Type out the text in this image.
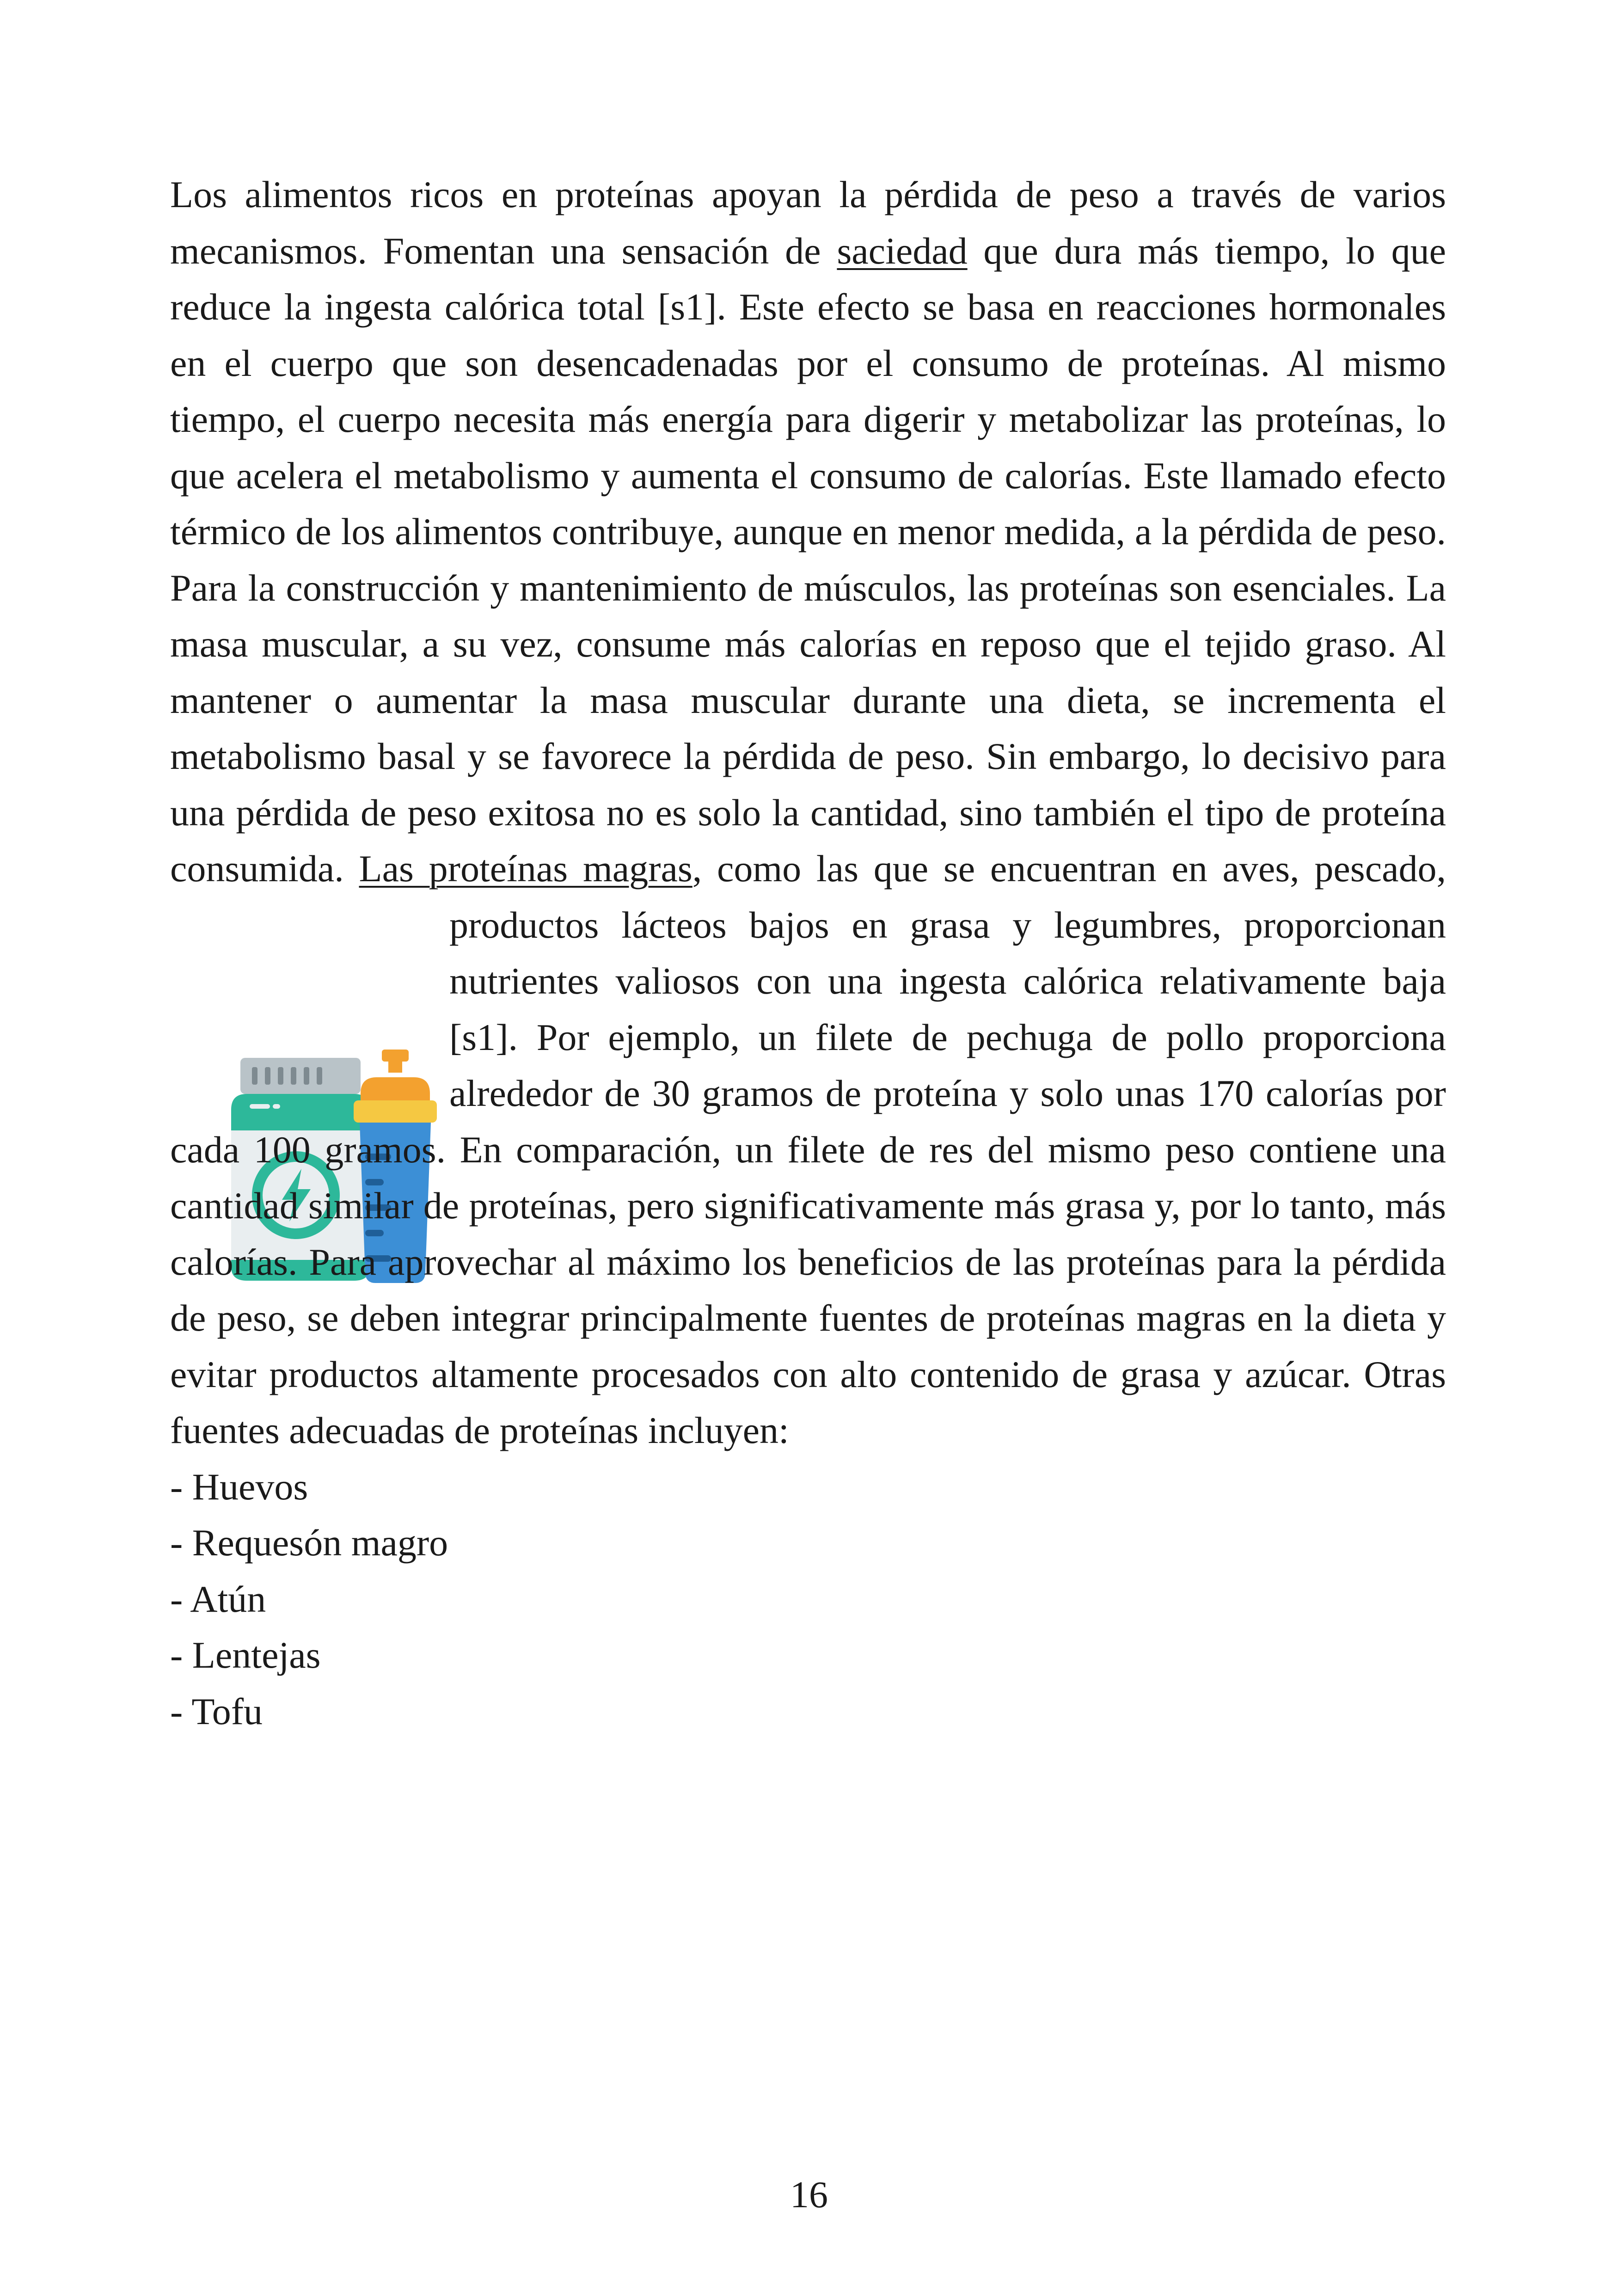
Los alimentos ricos en proteínas apoyan la pérdida de peso a través de varios mecanismos. Fomentan una sensación de saciedad que dura más tiempo, lo que reduce la ingesta calórica total [s1]. Este efecto se basa en reacciones hormonales en el cuerpo que son desencadenadas por el consumo de proteínas. Al mismo tiempo, el cuerpo necesita más energía para digerir y metabolizar las proteínas, lo que acelera el metabolismo y aumenta el consumo de calorías. Este llamado efecto térmico de los alimentos contribuye, aunque en menor medida, a la pérdida de peso. Para la construcción y mantenimiento de músculos, las proteínas son esenciales. La masa muscular, a su vez, consume más calorías en reposo que el tejido graso. Al mantener o aumentar la masa muscular durante una dieta, se incrementa el metabolismo basal y se favorece la pérdida de peso. Sin embargo, lo decisivo para una pérdida de peso exitosa no es solo la cantidad, sino también el tipo de proteína consumida. Las proteínas magras
, como las que se encuentran en aves, pescado, productos lácteos bajos en grasa y legumbres, proporcionan nutrientes valiosos con una ingesta calórica relativamente baja [s1]. Por ejemplo, un filete de pechuga de pollo proporciona alrededor de 30 gramos de proteína y solo unas 170 calorías por cada 100 gramos. En comparación, un filete de res del mismo peso contiene una cantidad similar de proteínas, pero significativamente más grasa y, por lo tanto, más calorías. Para aprovechar al máximo los beneficios de las proteínas para la pérdida de peso, se deben integrar principalmente fuentes de proteínas magras en la dieta y evitar productos altamente procesados con alto contenido de grasa y azúcar. Otras fuentes adecuadas de proteínas incluyen:

- Huevos
- Requesón magro
- Atún
- Lentejas
- Tofu
16
